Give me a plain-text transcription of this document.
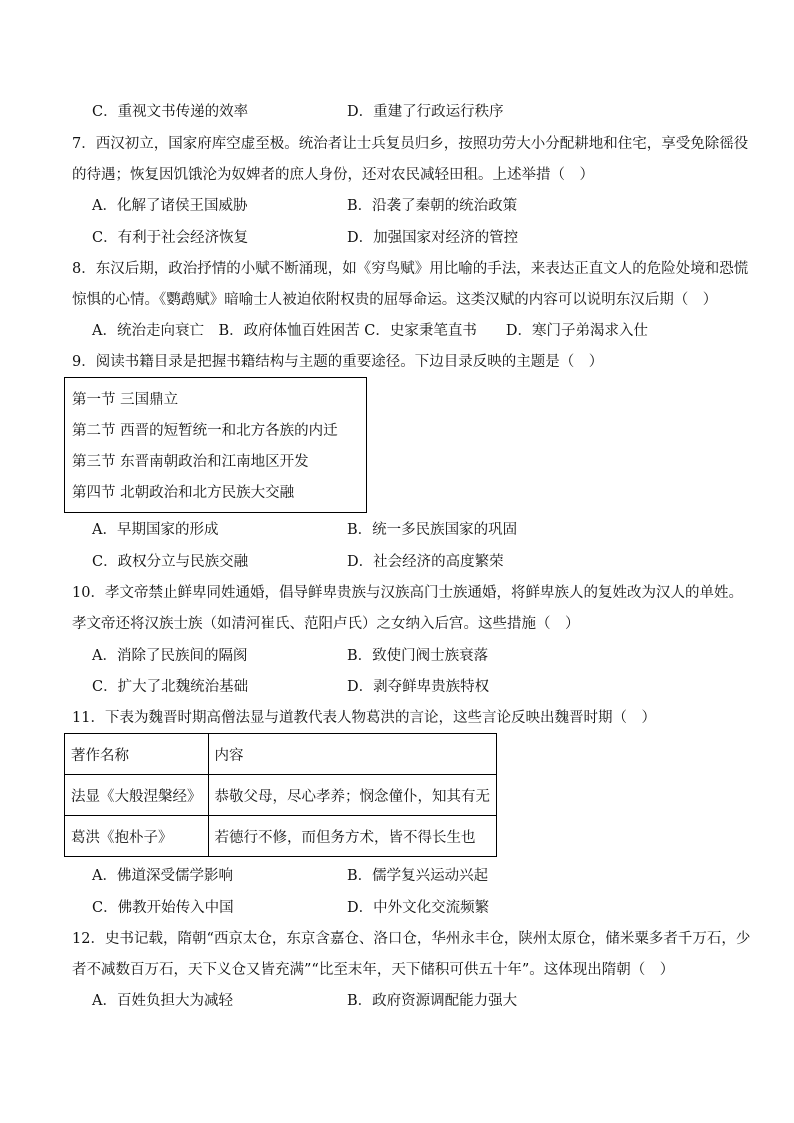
C．重视文书传递的效率	D．重建了行政运行秩序
7．西汉初立，国家府库空虚至极。统治者让士兵复员归乡，按照功劳大小分配耕地和住宅，享受免除徭役
的待遇；恢复因饥饿沦为奴婢者的庶人身份，还对农民减轻田租。上述举措（　）
A．化解了诸侯王国威胁	B．沿袭了秦朝的统治政策
C．有利于社会经济恢复	D．加强国家对经济的管控
8．东汉后期，政治抒情的小赋不断涌现，如《穷鸟赋》用比喻的手法，来表达正直文人的危险处境和恐慌
惊惧的心情。《鹦鹉赋》暗喻士人被迫依附权贵的屈辱命运。这类汉赋的内容可以说明东汉后期（　）
A．统治走向衰亡　B．政府体恤百姓困苦 C．史家秉笔直书　　D．寒门子弟渴求入仕
9．阅读书籍目录是把握书籍结构与主题的重要途径。下边目录反映的主题是（　）
第一节 三国鼎立
第二节 西晋的短暂统一和北方各族的内迁
第三节 东晋南朝政治和江南地区开发
第四节 北朝政治和北方民族大交融
A．早期国家的形成	B．统一多民族国家的巩固
C．政权分立与民族交融	D．社会经济的高度繁荣
10．孝文帝禁止鲜卑同姓通婚，倡导鲜卑贵族与汉族高门士族通婚，将鲜卑族人的复姓改为汉人的单姓。
孝文帝还将汉族士族（如清河崔氏、范阳卢氏）之女纳入后宫。这些措施（　）
A．消除了民族间的隔阂	B．致使门阀士族衰落
C．扩大了北魏统治基础	D．剥夺鲜卑贵族特权
11．下表为魏晋时期高僧法显与道教代表人物葛洪的言论，这些言论反映出魏晋时期（　）
著作名称	内容
法显《大般涅槃经》	恭敬父母，尽心孝养；悯念僮仆，知其有无
葛洪《抱朴子》	若德行不修，而但务方术，皆不得长生也
A．佛道深受儒学影响	B．儒学复兴运动兴起
C．佛教开始传入中国	D．中外文化交流频繁
12．史书记载，隋朝“西京太仓，东京含嘉仓、洛口仓，华州永丰仓，陕州太原仓，储米粟多者千万石，少
者不减数百万石，天下义仓又皆充满”“比至末年，天下储积可供五十年”。这体现出隋朝（　）
A．百姓负担大为减轻	B．政府资源调配能力强大
